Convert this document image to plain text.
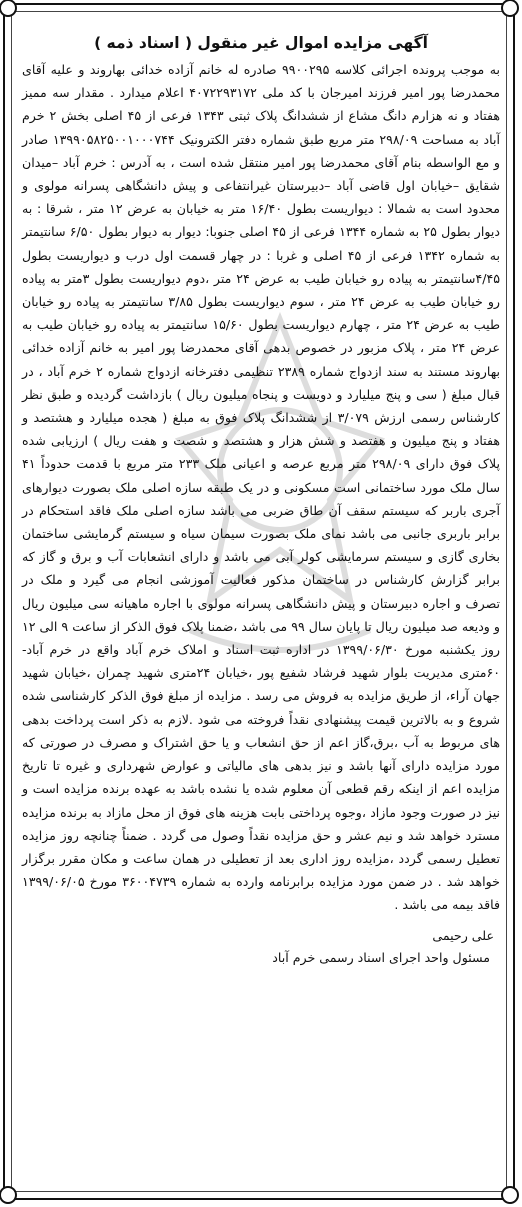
آگهی مزایده اموال غیر منقول ( اسناد ذمه )

به موجب پرونده اجرائی کلاسه ۹۹۰۰۲۹۵ صادره له خانم آزاده خدائی بهاروند و علیه آقای محمدرضا پور امیر فرزند امیرجان با کد ملی ۴۰۷۲۲۹۳۱۷۲ اعلام میدارد . مقدار سه ممیز هفتاد و نه هزارم دانگ مشاع از ششدانگ پلاک ثبتی ۱۳۴۳ فرعی از ۴۵ اصلی بخش ۲ خرم آباد به مساحت ۲۹۸/۰۹ متر مربع طبق شماره دفتر الکترونیک ۱۳۹۹۰۵۸۲۵۰۰۱۰۰۰۷۴۴ صادر و مع الواسطه بنام آقای محمدرضا پور امیر منتقل شده است ، به آدرس : خرم آباد –میدان شقایق –خیابان اول قاضی آباد –دبیرستان غیرانتفاعی و پیش دانشگاهی پسرانه مولوی و محدود است به شمالا : دیواریست بطول ۱۶/۴۰ متر به خیابان به عرض ۱۲ متر ، شرقا : به دیوار بطول ۲۵ به شماره ۱۳۴۴ فرعی از ۴۵ اصلی جنوبا: دیوار به دیوار بطول ۶/۵۰ سانتیمتر به شماره ۱۳۴۲ فرعی از ۴۵ اصلی و غربا : در چهار قسمت اول درب و دیواریست بطول ۴/۴۵سانتیمتر به پیاده رو خیابان طیب به عرض ۲۴ متر ،دوم دیواریست بطول ۳متر به پیاده رو خیابان طیب به عرض ۲۴ متر ، سوم دیواریست بطول ۳/۸۵ سانتیمتر به پیاده رو خیابان طیب به عرض ۲۴ متر ، چهارم دیواریست بطول ۱۵/۶۰ سانتیمتر به پیاده رو خیابان طیب به عرض ۲۴ متر ، پلاک مزبور در خصوص بدهی آقای محمدرضا پور امیر به خانم آزاده خدائی بهاروند مستند به سند ازدواج شماره ۲۳۸۹ تنظیمی دفترخانه ازدواج شماره ۲ خرم آباد ، در قبال مبلغ ( سی و پنج میلیارد و دویست و پنجاه میلیون ریال ) بازداشت گردیده و طبق نظر کارشناس رسمی ارزش ۳/۰۷۹ از ششدانگ پلاک فوق به مبلغ ( هجده میلیارد و هشتصد و هفتاد و پنج میلیون و هفتصد و شش هزار و هشتصد و شصت و هفت ریال ) ارزیابی شده پلاک فوق دارای ۲۹۸/۰۹ متر مربع عرصه و اعیانی ملک ۲۳۳ متر مربع با قدمت حدوداً ۴۱ سال ملک مورد ساختمانی است مسکونی و در یک طبقه سازه اصلی ملک بصورت دیوارهای آجری باربر که سیستم سقف آن طاق ضربی می باشد سازه اصلی ملک فاقد استحکام در برابر باربری جانبی می باشد نمای ملک بصورت سیمان سیاه و سیستم گرمایشی ساختمان بخاری گازی و سیستم سرمایشی کولر آبی می باشد و دارای انشعابات آب و برق و گاز که برابر گزارش کارشناس در ساختمان مذکور فعالیت آموزشی انجام می گیرد و ملک در تصرف و اجاره دبیرستان و پیش دانشگاهی پسرانه مولوی با اجاره ماهیانه سی میلیون ریال و ودیعه صد میلیون ریال تا پایان سال ۹۹ می باشد ،ضمنا پلاک فوق الذکر از ساعت ۹ الی ۱۲ روز یکشنبه مورخ ۱۳۹۹/۰۶/۳۰ در اداره ثبت اسناد و املاک خرم آباد واقع در خرم آباد- ۶۰متری مدیریت بلوار شهید فرشاد شفیع پور ،خیابان ۲۴متری شهید چمران ،خیابان شهید جهان آراء، از طریق مزایده به فروش می رسد . مزایده از مبلغ فوق الذکر کارشناسی شده شروع و به بالاترین قیمت پیشنهادی نقداً فروخته می شود .لازم به ذکر است پرداخت بدهی های مربوط به آب ،برق،گاز اعم از حق انشعاب و یا حق اشتراک و مصرف در صورتی که مورد مزایده دارای آنها باشد و نیز بدهی های مالیاتی و عوارض شهرداری و غیره تا تاریخ مزایده اعم از اینکه رقم قطعی آن معلوم شده یا نشده باشد به عهده برنده مزایده است و نیز در صورت وجود مازاد ،وجوه پرداختی بابت هزینه های فوق از محل مازاد به برنده مزایده مسترد خواهد شد و نیم عشر و حق مزایده نقداً وصول می گردد . ضمناً چنانچه روز مزایده تعطیل رسمی گردد ،مزایده روز اداری بعد از تعطیلی در همان ساعت و مکان مقرر برگزار خواهد شد . در ضمن مورد مزایده برابرنامه وارده به شماره ۳۶۰۰۴۷۳۹ مورخ ۱۳۹۹/۰۶/۰۵ فاقد بیمه می باشد .

علی رحیمی
مسئول واحد اجرای اسناد رسمی خرم آباد
